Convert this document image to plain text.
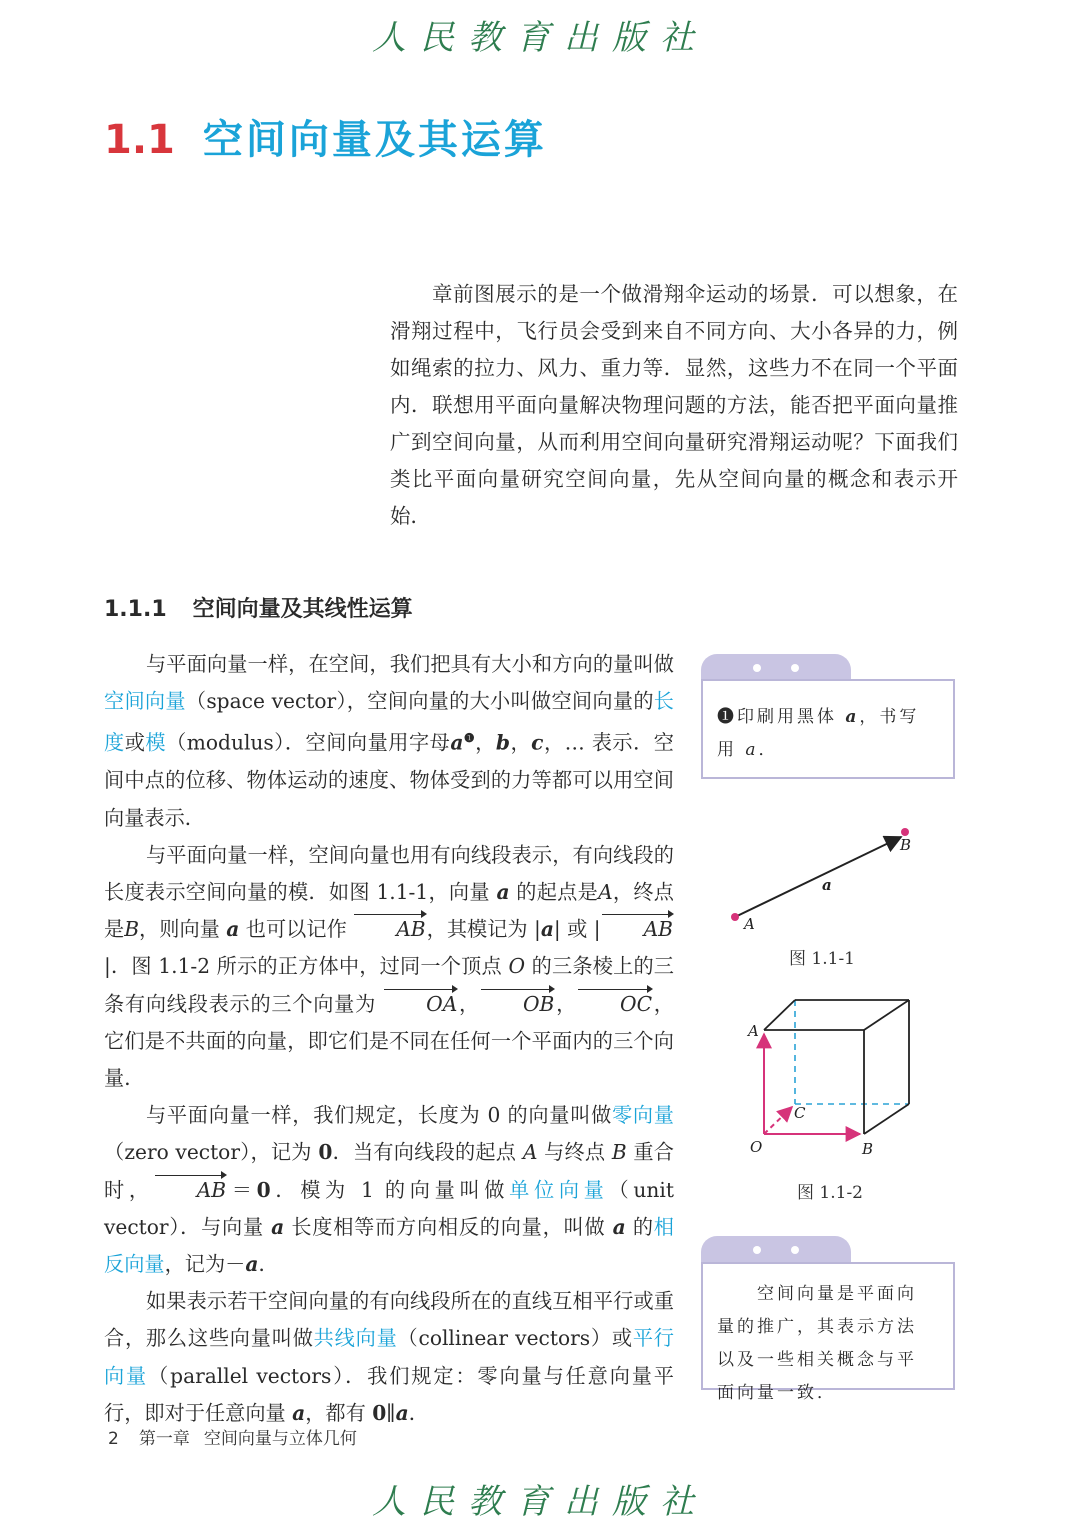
人民教育出版社
1.1 空间向量及其运算
章前图展示的是一个做滑翔伞运动的场景．可以想象，在滑翔过程中，飞行员会受到来自不同方向、大小各异的力，例如绳索的拉力、风力、重力等．显然，这些力不在同一个平面内．联想用平面向量解决物理问题的方法，能否把平面向量推广到空间向量，从而利用空间向量研究滑翔运动呢？下面我们类比平面向量研究空间向量，先从空间向量的概念和表示开始．
1.1.1 空间向量及其线性运算

与平面向量一样，在空间，我们把具有大小和方向的量叫做空间向量（space vector），空间向量的大小叫做空间向量的长度或模（modulus）．空间向量用字母a$^❶$，b，c，… 表示．空间中点的位移、物体运动的速度、物体受到的力等都可以用空间向量表示．

与平面向量一样，空间向量也用有向线段表示，有向线段的长度表示空间向量的模．如图 1.1-1，向量 a 的起点是A，终点是B，则向量 a 也可以记作 AB，其模记为 |a| 或 | AB|．图 1.1-2 所示的正方体中，过同一个顶点 O 的三条棱上的三条有向线段表示的三个向量为 OA， OB， OC，它们是不共面的向量，即它们是不同在任何一个平面内的三个向量．

与平面向量一样，我们规定，长度为 0 的向量叫做零向量（zero vector），记为 0．当有向线段的起点 A 与终点 B 重合时， AB＝0．模为 1 的向量叫做单位向量（unit vector）．与向量 a 长度相等而方向相反的向量，叫做 a 的相反向量，记为－a．

如果表示若干空间向量的有向线段所在的直线互相平行或重合，那么这些向量叫做共线向量（collinear vectors）或平行向量（parallel vectors）．我们规定：零向量与任意向量平行，即对于任意向量 a，都有 0∥a．

❶印刷用黑体 a，书写用 a．
a
A
B
图 1.1-1
A
C
O	B
图 1.1-2
空间向量是平面向量的推广，其表示方法以及一些相关概念与平面向量一致．
2 第一章 空间向量与立体几何
人民教育出版社
